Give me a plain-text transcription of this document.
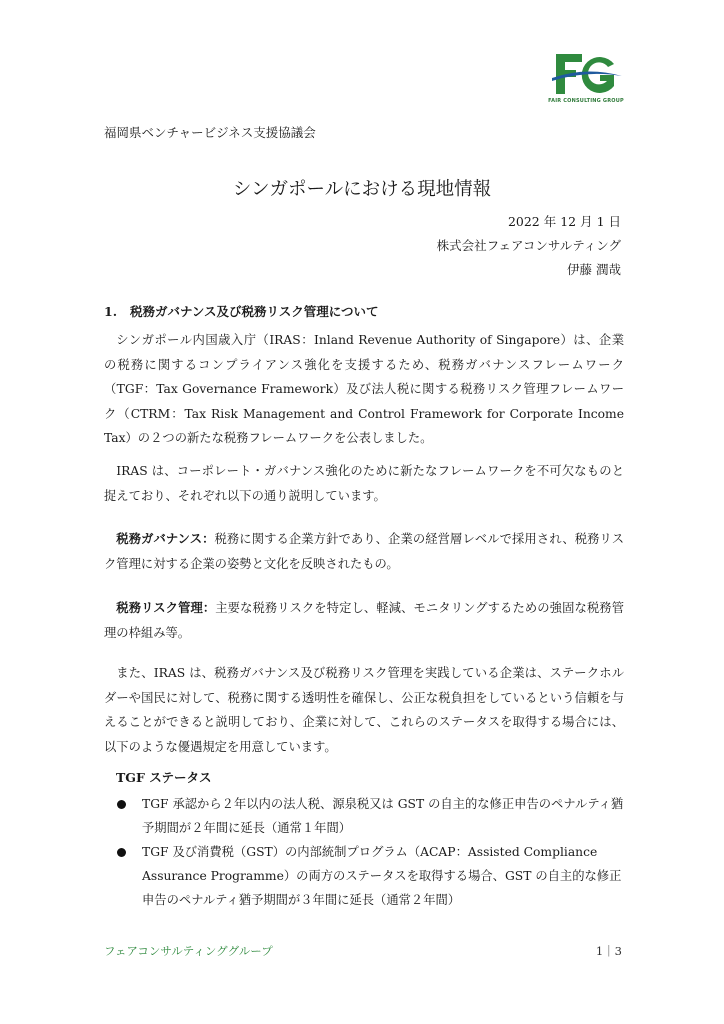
FAIR CONSULTING GROUP
福岡県ベンチャービジネス支援協議会
シンガポールにおける現地情報
2022 年 12 月 1 日
株式会社フェアコンサルティング
伊藤 潤哉
1. 税務ガバナンス及び税務リスク管理について

シンガポール内国歳入庁（IRAS：Inland Revenue Authority of Singapore）は、企業の税務に関するコンプライアンス強化を支援するため、税務ガバナンスフレームワーク（TGF：Tax Governance Framework）及び法人税に関する税務リスク管理フレームワーク（CTRM：Tax Risk Management and Control Framework for Corporate Income Tax）の２つの新たな税務フレームワークを公表しました。

IRAS は、コーポレート・ガバナンス強化のために新たなフレームワークを不可欠なものと捉えており、それぞれ以下の通り説明しています。

税務ガバナンス：税務に関する企業方針であり、企業の経営層レベルで採用され、税務リスク管理に対する企業の姿勢と文化を反映されたもの。

税務リスク管理：主要な税務リスクを特定し、軽減、モニタリングするための強固な税務管理の枠組み等。

また、IRAS は、税務ガバナンス及び税務リスク管理を実践している企業は、ステークホルダーや国民に対して、税務に関する透明性を確保し、公正な税負担をしているという信頼を与えることができると説明しており、企業に対して、これらのステータスを取得する場合には、以下のような優遇規定を用意しています。

TGF ステータス
TGF 承認から２年以内の法人税、源泉税又は GST の自主的な修正申告のペナルティ猶予期間が２年間に延長（通常１年間）
TGF 及び消費税（GST）の内部統制プログラム（ACAP：Assisted Compliance Assurance Programme）の両方のステータスを取得する場合、GST の自主的な修正申告のペナルティ猶予期間が３年間に延長（通常２年間）
フェアコンサルティンググループ	1｜3
